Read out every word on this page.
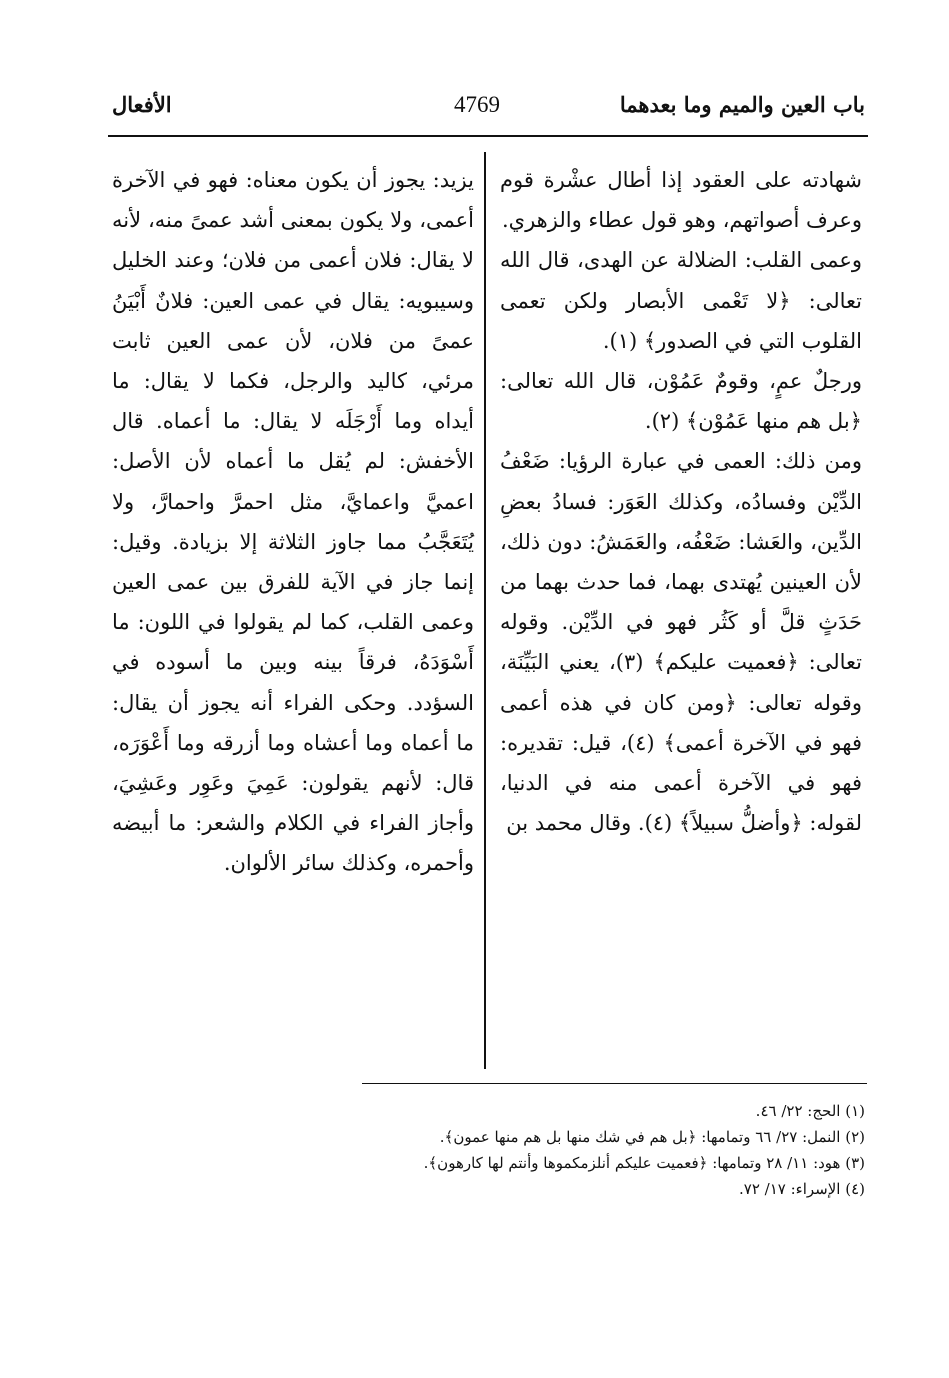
باب العين والميم وما بعدهما
4769
الأفعال

شهادته على العقود إذا أطال عشْرة قوم وعرف أصواتهم، وهو قول عطاء والزهري.

وعمى القلب: الضلالة عن الهدى، قال الله تعالى: ﴿لا تَعْمى الأبصار ولكن تعمى القلوب التي في الصدور﴾ (١).

ورجلٌ عمٍ، وقومٌ عَمُوْن، قال الله تعالى: ﴿بل هم منها عَمُوْن﴾ (٢).

ومن ذلك: العمى في عبارة الرؤيا: ضَعْفُ الدِّيْن وفسادُه، وكذلك العَوَر: فسادُ بعضِ الدِّين، والعَشا: ضَعْفُه، والعَمَشُ: دون ذلك، لأن العينين يُهتدى بهما، فما حدث بهما من حَدَثٍ قلَّ أو كَثُر فهو في الدِّيْن. وقوله تعالى: ﴿فعميت عليكم﴾ (٣)، يعني البَيِّنَة، وقوله تعالى: ﴿ومن كان في هذه أعمى فهو في الآخرة أعمى﴾ (٤)، قيل: تقديره: فهو في الآخرة أعمى منه في الدنيا، لقوله: ﴿وأضلُّ سبيلاً﴾ (٤). وقال محمد بن

يزيد: يجوز أن يكون معناه: فهو في الآخرة أعمى، ولا يكون بمعنى أشد عمىً منه، لأنه لا يقال: فلان أعمى من فلان؛ وعند الخليل وسيبويه: يقال في عمى العين: فلانٌ أَبْيَنُ عمىً من فلان، لأن عمى العين ثابت مرئي، كاليد والرجل، فكما لا يقال: ما أيداه وما أَرْجَلَه لا يقال: ما أعماه. قال الأخفش: لم يُقل ما أعماه لأن الأصل: اعميَّ واعمايَّ، مثل احمرَّ واحمارَّ، ولا يُتَعَجَّبُ مما جاوز الثلاثة إلا بزيادة. وقيل: إنما جاز في الآية للفرق بين عمى العين وعمى القلب، كما لم يقولوا في اللون: ما أَسْوَدَهُ، فرقاً بينه وبين ما أسوده في السؤدد. وحكى الفراء أنه يجوز أن يقال: ما أعماه وما أعشاه وما أزرقه وما أَعْوَرَه، قال: لأنهم يقولون: عَمِيَ وعَوِر وعَشِيَ، وأجاز الفراء في الكلام والشعر: ما أبيضه وأحمره، وكذلك سائر الألوان.

(١) الحج: ٢٢/ ٤٦.

(٢) النمل: ٢٧/ ٦٦ وتمامها: ﴿بل هم في شك منها بل هم منها عمون﴾.

(٣) هود: ١١/ ٢٨ وتمامها: ﴿فعميت عليكم أنلزمكموها وأنتم لها كارهون﴾.

(٤) الإسراء: ١٧/ ٧٢.
